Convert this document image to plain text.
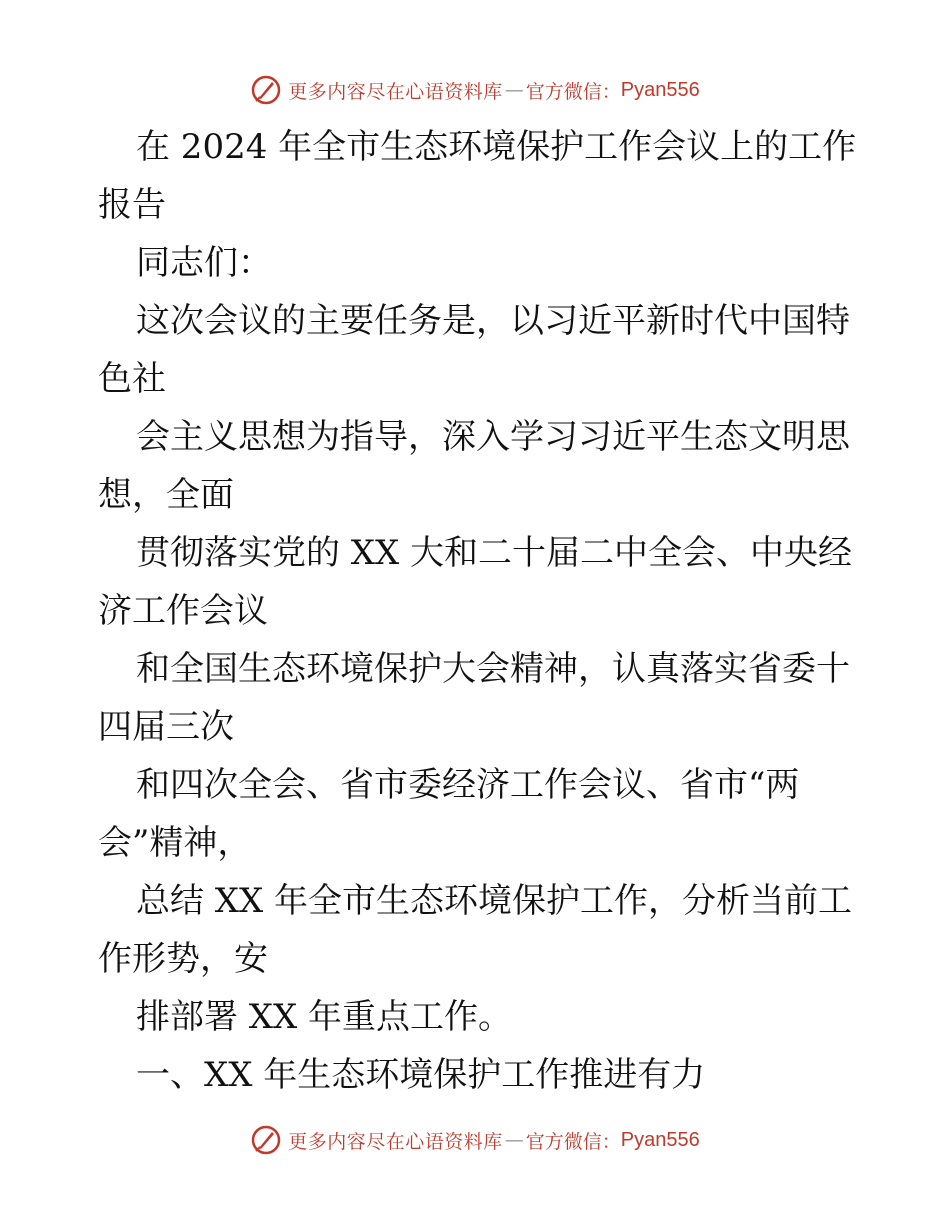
更多内容尽在心语资料库 — 官方微信： Pyan556
在 2024 年全市生态环境保护工作会议上的工作
报告
同志们：
这次会议的主要任务是，以习近平新时代中国特
色社
会主义思想为指导，深入学习习近平生态文明思
想，全面
贯彻落实党的 XX 大和二十届二中全会、中央经
济工作会议
和全国生态环境保护大会精神，认真落实省委十
四届三次
和四次全会、省市委经济工作会议、省市“两
会”精神，
总结 XX 年全市生态环境保护工作，分析当前工
作形势，安
排部署 XX 年重点工作。
一、XX 年生态环境保护工作推进有力
更多内容尽在心语资料库 — 官方微信： Pyan556
